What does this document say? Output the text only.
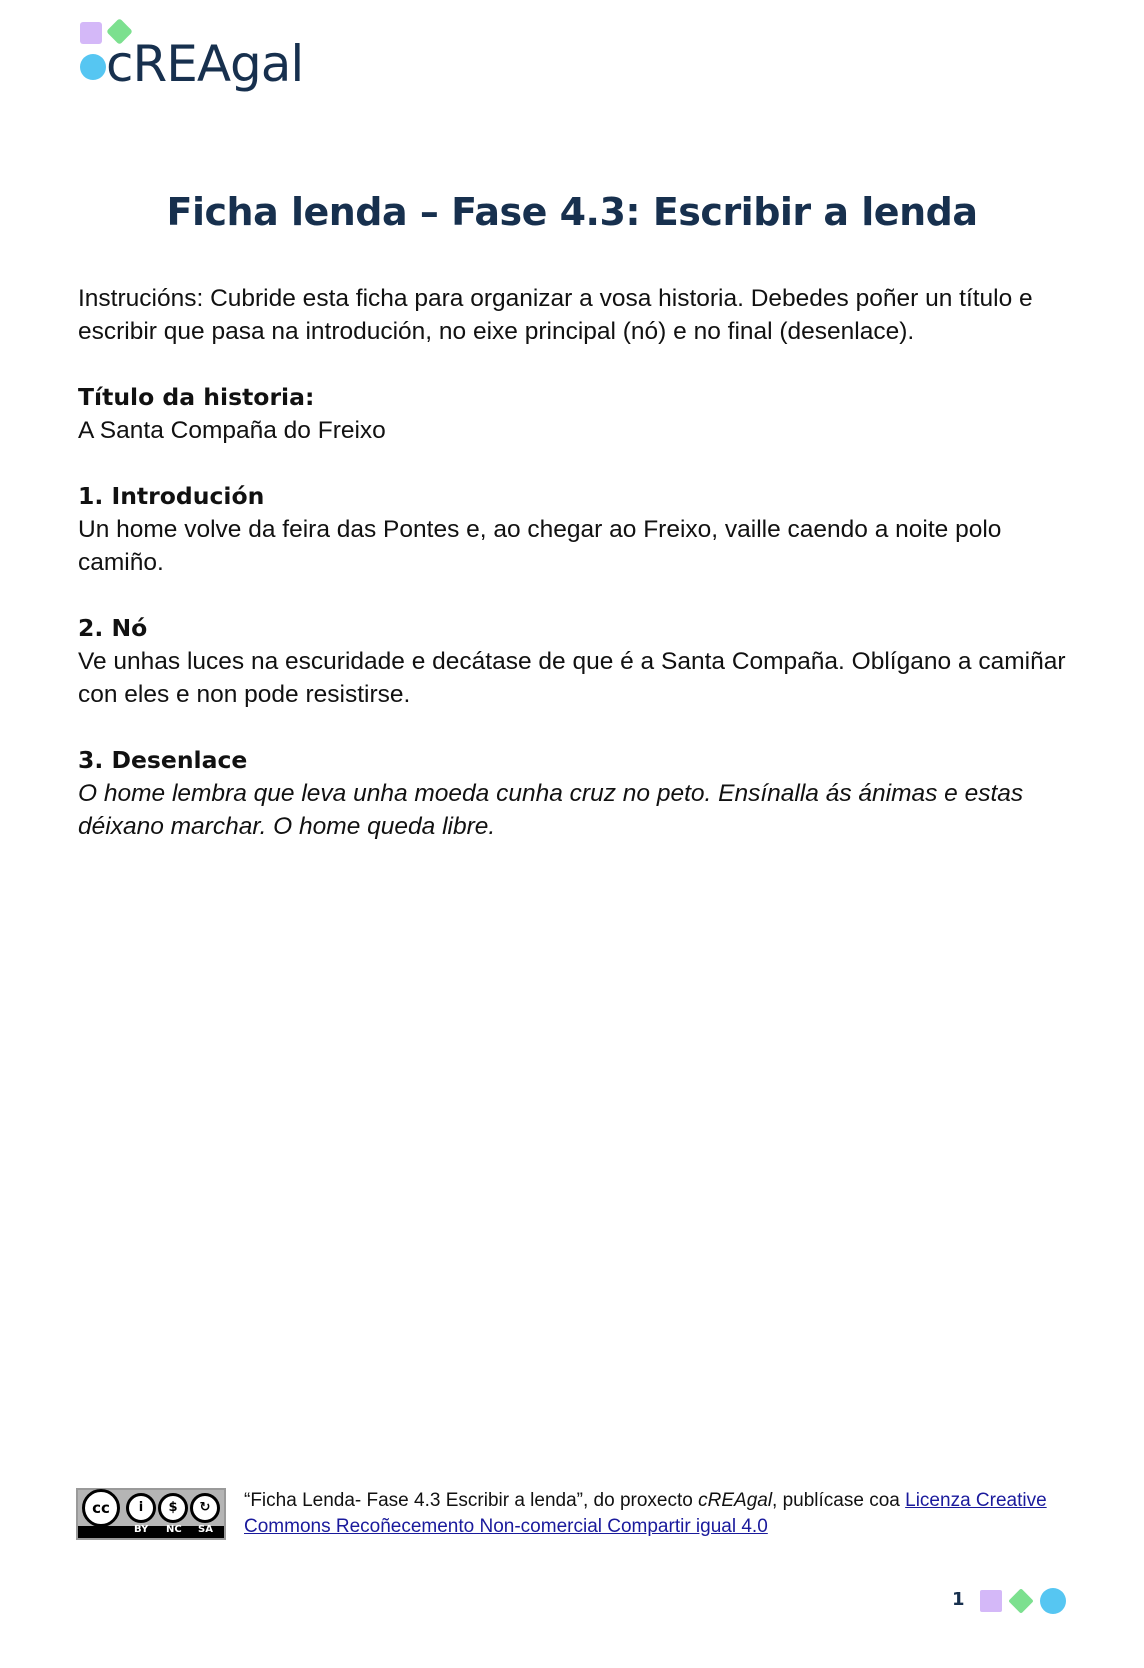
cREAgal
Ficha lenda – Fase 4.3: Escribir a lenda

Instrucións: Cubride esta ficha para organizar a vosa historia. Debedes poñer un título e escribir que pasa na introdución, no eixe principal (nó) e no final (desenlace).

Título da historia:

A Santa Compaña do Freixo

1. Introdución

Un home volve da feira das Pontes e, ao chegar ao Freixo, vaille caendo a noite polo camiño.

2. Nó

Ve unhas luces na escuridade e decátase de que é a Santa Compaña. Oblígano a camiñar con eles e non pode resistirse.

3. Desenlace

O home lembra que leva unha moeda cunha cruz no peto. Ensínalla ás ánimas e estas déixano marchar. O home queda libre.

cc	i	$	↻
BY NC SA
“Ficha Lenda- Fase 4.3 Escribir a lenda”, do proxecto cREAgal, publícase coa Licenza Creative Commons Recoñecemento Non-comercial Compartir igual 4.0
1
